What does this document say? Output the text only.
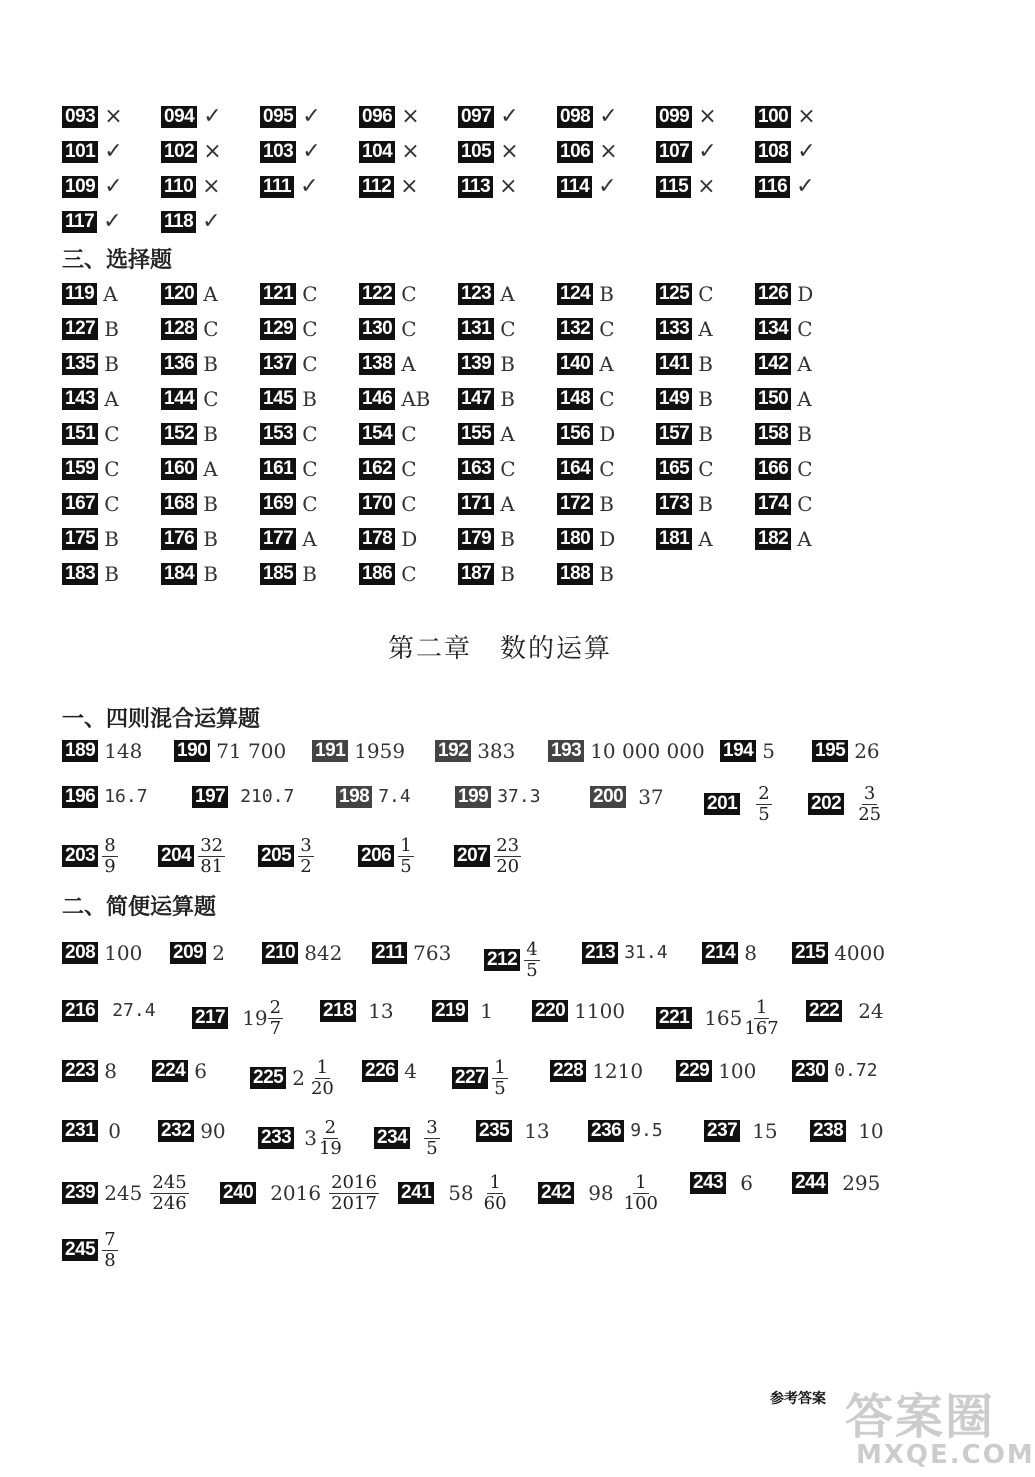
093 × 094 ✓ 095 ✓ 096 × 097 ✓ 098 ✓ 099 × 100 ×
101 ✓ 102 × 103 ✓ 104 × 105 × 106 × 107 ✓ 108 ✓
109 ✓ 110 × 111 ✓ 112 × 113 × 114 ✓ 115 × 116 ✓
117 ✓ 118 ✓
三、选择题
119 A 120 A 121 C 122 C 123 A 124 B 125 C 126 D
127 B 128 C 129 C 130 C 131 C 132 C 133 A 134 C
135 B 136 B 137 C 138 A 139 B 140 A 141 B 142 A
143 A 144 C 145 B 146 AB 147 B 148 C 149 B 150 A
151 C 152 B 153 C 154 C 155 A 156 D 157 B 158 B
159 C 160 A 161 C 162 C 163 C 164 C 165 C 166 C
167 C 168 B 169 C 170 C 171 A 172 B 173 B 174 C
175 B 176 B 177 A 178 D 179 B 180 D 181 A 182 A
183 B 184 B 185 B 186 C 187 B 188 B
第二章　数的运算
一、四则混合运算题
189 148 190 71 700 191 1959 192 383 193 10 000 000 194 5 195 26
196 16.7 197 210.7 198 7.4 199 37.3	200 37 $201 \frac{2}{5} 202 \frac{3}{25}$
$203 \frac{8}{9} 204 \frac{32}{81} 205 \frac{3}{2} 206 \frac{1}{5} 207 \frac{23}{20}$
二、简便运算题
208 100 209 2 210 842 211 763 $212 \frac{4}{5} 213$ 31.4 214 8 215 4000
216 27.4 217 $19 \frac{2}{7} 218$ 13 219 1 220 1100 221 $165 \frac{1}{167} 222$ 24
223 8 224 6 225 $2 \frac{1}{20} 226$ 4 $227 \frac{1}{5} 228$ 1210 229 100 230 0.72
231 0 232 90 233 $3 \frac{2}{19} 234 \frac{3}{5} 235$ 13 236 9.5 237 15 238 10
239 $245 \frac{245}{246} 240$ $2016 \frac{2016}{2017} 241$ $58 \frac{1}{60} 242$ $98 \frac{1}{100} 243$ 6 244 295
$245 \frac{7}{8}$
参考答案 答案圈
MXQE.COM
